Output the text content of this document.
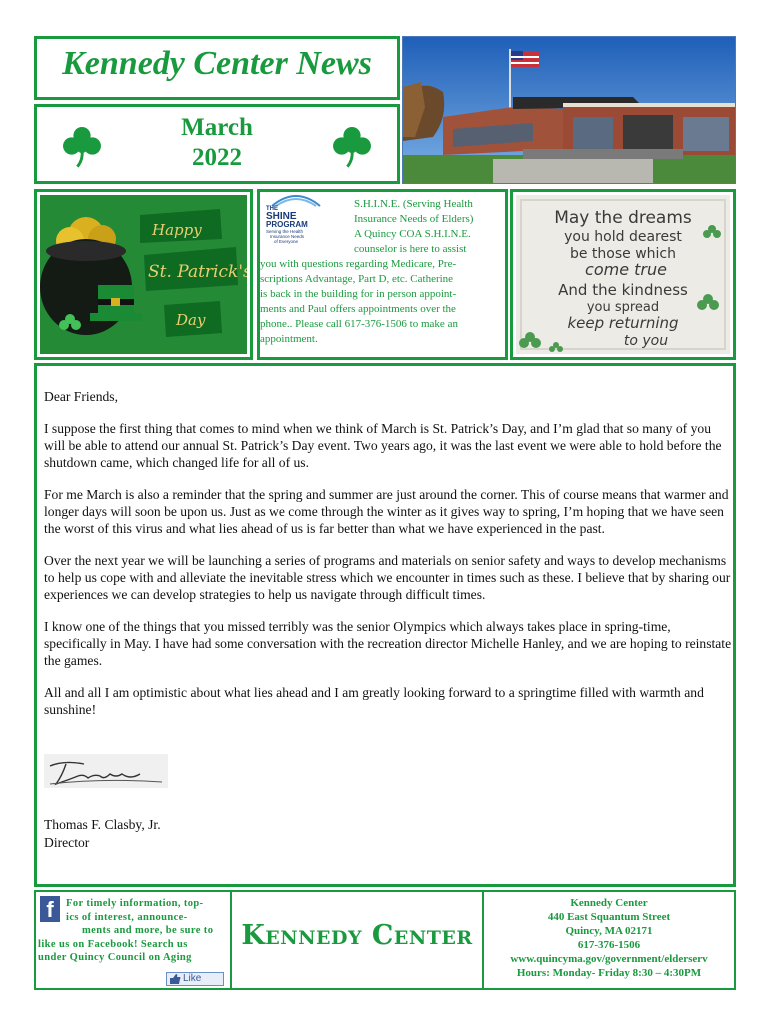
Kennedy Center News
March
2022
Happy
St. Patrick's
Day
THE
SHINE
PROGRAM
Serving the Health
Insurance Needs
of Everyone
S.H.I.N.E. (Serving Health
Insurance Needs of Elders)
A Quincy COA S.H.I.N.E.
counselor is here to assist
you with questions regarding Medicare, Pre-
scriptions Advantage, Part D, etc. Catherine
is back in the building for in person appoint-
ments and Paul offers appointments over the
phone.. Please call 617-376-1506 to make an
appointment.
May the dreams
you hold dearest
be those which
come true
And the kindness
you spread
keep returning
to you

Dear Friends,

I suppose the first thing that comes to mind when we think of March is St. Patrick’s Day, and I’m glad that so many of you will be able to attend our annual St. Patrick’s Day event. Two years ago, it was the last event we were able to hold before the shutdown came, which changed life for all of us.

For me March is also a reminder that the spring and summer are just around the corner. This of course means that warmer and longer days will soon be upon us. Just as we come through the winter as it gives way to spring, I’m hoping that we have seen the worst of this virus and what lies ahead of us is far better than what we have experienced in the past.

Over the next year we will be launching a series of programs and materials on senior safety and ways to develop mechanisms to help us cope with and alleviate the inevitable stress which we encounter in times such as these. I believe that by sharing our experiences we can develop strategies to help us navigate through difficult times.

I know one of the things that you missed terribly was the senior Olympics which always takes place in spring-time, specifically in May. I have had some conversation with the recreation director Michelle Hanley, and we are hoping to reinstate the games.

All and all I am optimistic about what lies ahead and I am greatly looking forward to a springtime filled with warmth and sunshine!

Thomas F. Clasby, Jr.
Director
f	For timely information, top-
ics of interest, announce-
ments and more, be sure to
like us on Facebook! Search us
under Quincy Council on Aging
Like
Kennedy Center
Kennedy Center
440 East Squantum Street
Quincy, MA 02171
617-376-1506
www.quincyma.gov/government/elderserv
Hours: Monday- Friday 8:30 – 4:30PM
